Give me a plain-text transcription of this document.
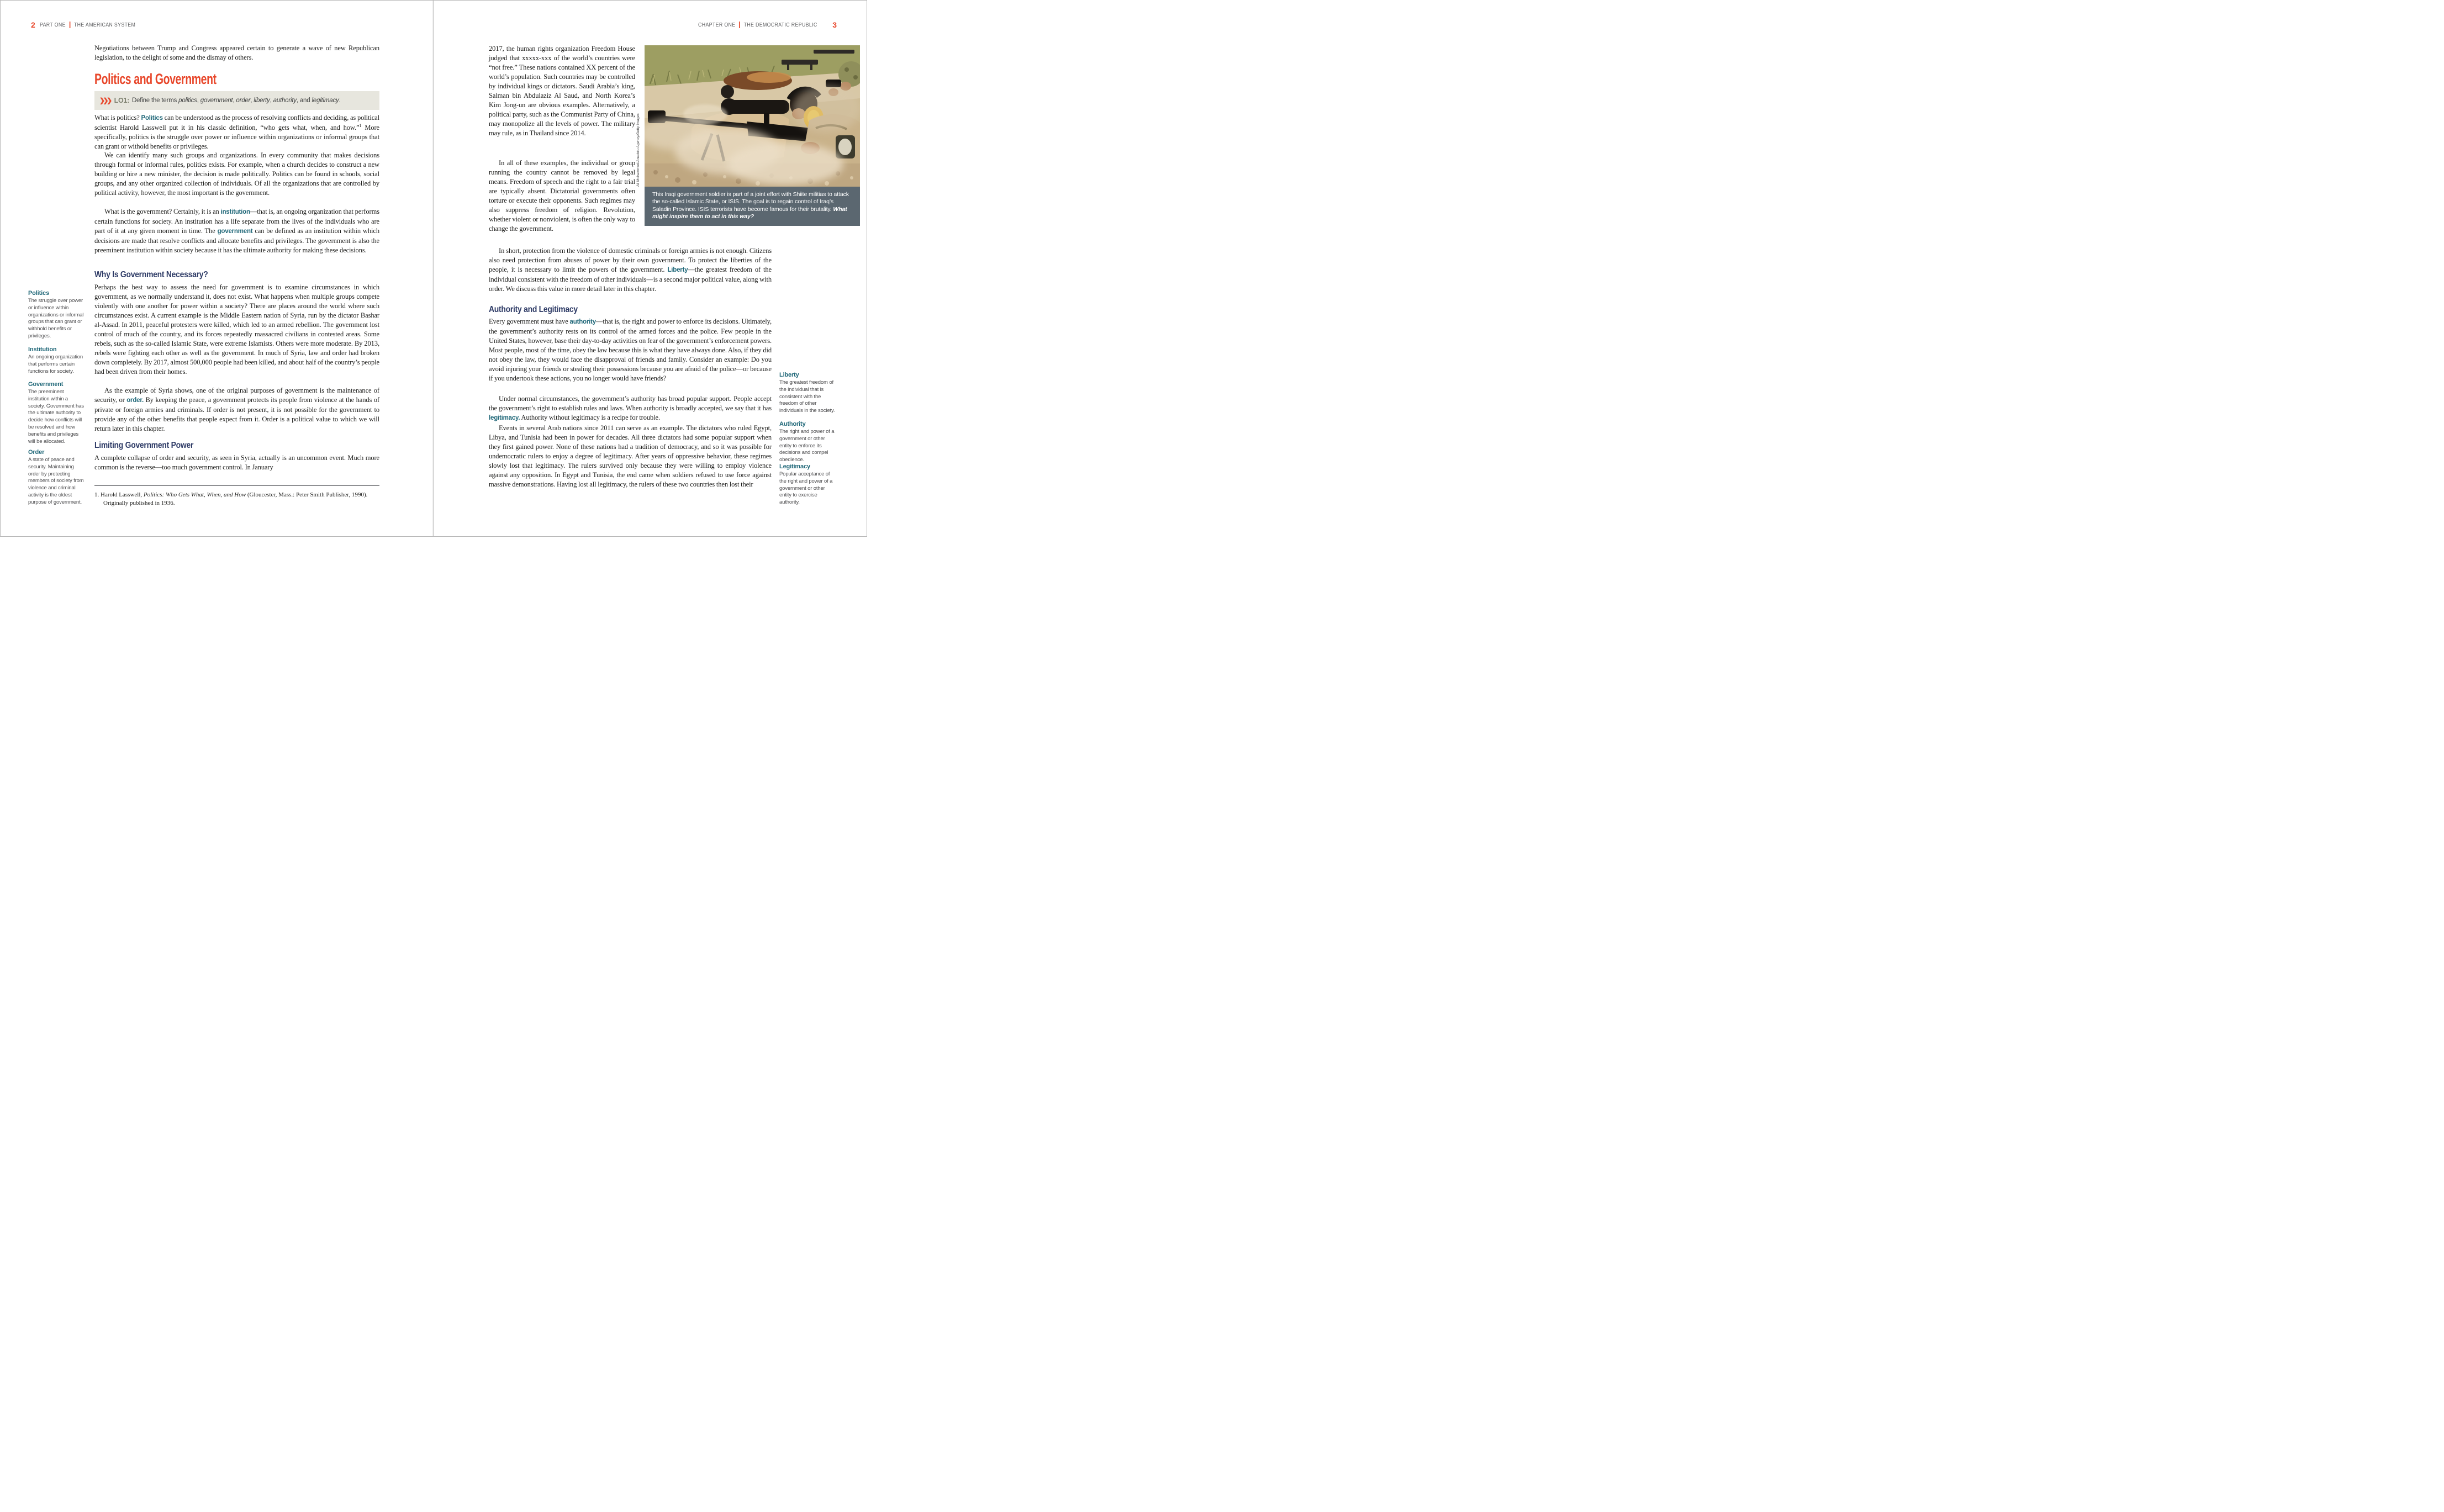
2 PART ONE THE AMERICAN SYSTEM

Negotiations between Trump and Congress appeared certain to generate a wave of new Republican legislation, to the delight of some and the dismay of others.

Politics and Government
❯❯❯ LO1: Define the terms politics, government, order, liberty, authority, and legitimacy.

What is politics? Politics can be understood as the process of resolving conflicts and deciding, as political scientist Harold Lasswell put it in his classic definition, “who gets what, when, and how.”$^1$ More specifically, politics is the struggle over power or influence within organizations or informal groups that can grant or withold benefits or privileges.

We can identify many such groups and organizations. In every community that makes decisions through formal or informal rules, politics exists. For example, when a church decides to construct a new building or hire a new minister, the decision is made politically. Politics can be found in schools, social groups, and any other organized collection of individuals. Of all the organizations that are controlled by political activity, however, the most important is the government.

What is the government? Certainly, it is an institution—that is, an ongoing organization that performs certain functions for society. An institution has a life separate from the lives of the individuals who are part of it at any given moment in time. The government can be defined as an institution within which decisions are made that resolve conflicts and allocate benefits and privileges. The government is also the preeminent institution within society because it has the ultimate authority for making these decisions.

Why Is Government Necessary?

Perhaps the best way to assess the need for government is to examine circumstances in which government, as we normally understand it, does not exist. What happens when multiple groups compete violently with one another for power within a society? There are places around the world where such circumstances exist. A current example is the Middle Eastern nation of Syria, run by the dictator Bashar al-Assad. In 2011, peaceful protesters were killed, which led to an armed rebellion. The government lost control of much of the country, and its forces repeatedly massacred civilians in contested areas. Some rebels, such as the so-called Islamic State, were extreme Islamists. Others were more moderate. By 2013, rebels were fighting each other as well as the government. In much of Syria, law and order had broken down completely. By 2017, almost 500,000 people had been killed, and about half of the country’s people had been driven from their homes.

As the example of Syria shows, one of the original purposes of government is the maintenance of security, or order. By keeping the peace, a government protects its people from violence at the hands of private or foreign armies and criminals. If order is not present, it is not possible for the government to provide any of the other benefits that people expect from it. Order is a political value to which we will return later in this chapter.

Limiting Government Power

A complete collapse of order and security, as seen in Syria, actually is an uncommon event. Much more common is the reverse—too much government control. In January

1. Harold Lasswell, Politics: Who Gets What, When, and How (Gloucester, Mass.: Peter Smith Publisher, 1990). Originally published in 1936.

Politics

The struggle over power or influence within organizations or informal groups that can grant or withhold benefits or privileges.

Institution

An ongoing organization that performs certain functions for society.

Government

The preeminent institution within a society. Government has the ultimate authority to decide how conflicts will be resolved and how benefits and privileges will be allocated.

Order

A state of peace and security. Maintaining order by protecting members of society from violence and criminal activity is the oldest purpose of government.

CHAPTER ONE THE DEMOCRATIC REPUBLIC 3

2017, the human rights organization Freedom House judged that xxxxx-xxx of the world’s countries were “not free.” These nations contained XX percent of the world’s population. Such countries may be controlled by individual kings or dictators. Saudi Arabia’s king, Salman bin Abdulaziz Al Saud, and North Korea’s Kim Jong-un are obvious examples. Alternatively, a political party, such as the Communist Party of China, may monopolize all the levels of power. The military may rule, as in Thailand since 2014.

In all of these examples, the individual or group running the country cannot be removed by legal means. Freedom of speech and the right to a fair trial are typically absent. Dictatorial governments often torture or execute their opponents. Such regimes may also suppress freedom of religion. Revolution, whether violent or nonviolent, is often the only way to change the government.

Ali Mohammed/Anadolu Agency/Getty Images
This Iraqi government soldier is part of a joint effort with Shiite militias to attack the so-called Islamic State, or ISIS. The goal is to regain control of Iraq’s Saladin Province. ISIS terrorists have become famous for their brutality. What might inspire them to act in this way?

In short, protection from the violence of domestic criminals or foreign armies is not enough. Citizens also need protection from abuses of power by their own government. To protect the liberties of the people, it is necessary to limit the powers of the government. Liberty—the greatest freedom of the individual consistent with the freedom of other individuals—is a second major political value, along with order. We discuss this value in more detail later in this chapter.

Authority and Legitimacy

Every government must have authority—that is, the right and power to enforce its decisions. Ultimately, the government’s authority rests on its control of the armed forces and the police. Few people in the United States, however, base their day-to-day activities on fear of the government’s enforcement powers. Most people, most of the time, obey the law because this is what they have always done. Also, if they did not obey the law, they would face the disapproval of friends and family. Consider an example: Do you avoid injuring your friends or stealing their possessions because you are afraid of the police—or because if you undertook these actions, you no longer would have friends?

Under normal circumstances, the government’s authority has broad popular support. People accept the government’s right to establish rules and laws. When authority is broadly accepted, we say that it has legitimacy. Authority without legitimacy is a recipe for trouble.

Events in several Arab nations since 2011 can serve as an example. The dictators who ruled Egypt, Libya, and Tunisia had been in power for decades. All three dictators had some popular support when they first gained power. None of these nations had a tradition of democracy, and so it was possible for undemocratic rulers to enjoy a degree of legitimacy. After years of oppressive behavior, these regimes slowly lost that legitimacy. The rulers survived only because they were willing to employ violence against any opposition. In Egypt and Tunisia, the end came when soldiers refused to use force against massive demonstrations. Having lost all legitimacy, the rulers of these two countries then lost their

Liberty

The greatest freedom of the individual that is consistent with the freedom of other individuals in the society.

Authority

The right and power of a government or other entity to enforce its decisions and compel obedience.

Legitimacy

Popular acceptance of the right and power of a government or other entity to exercise authority.
